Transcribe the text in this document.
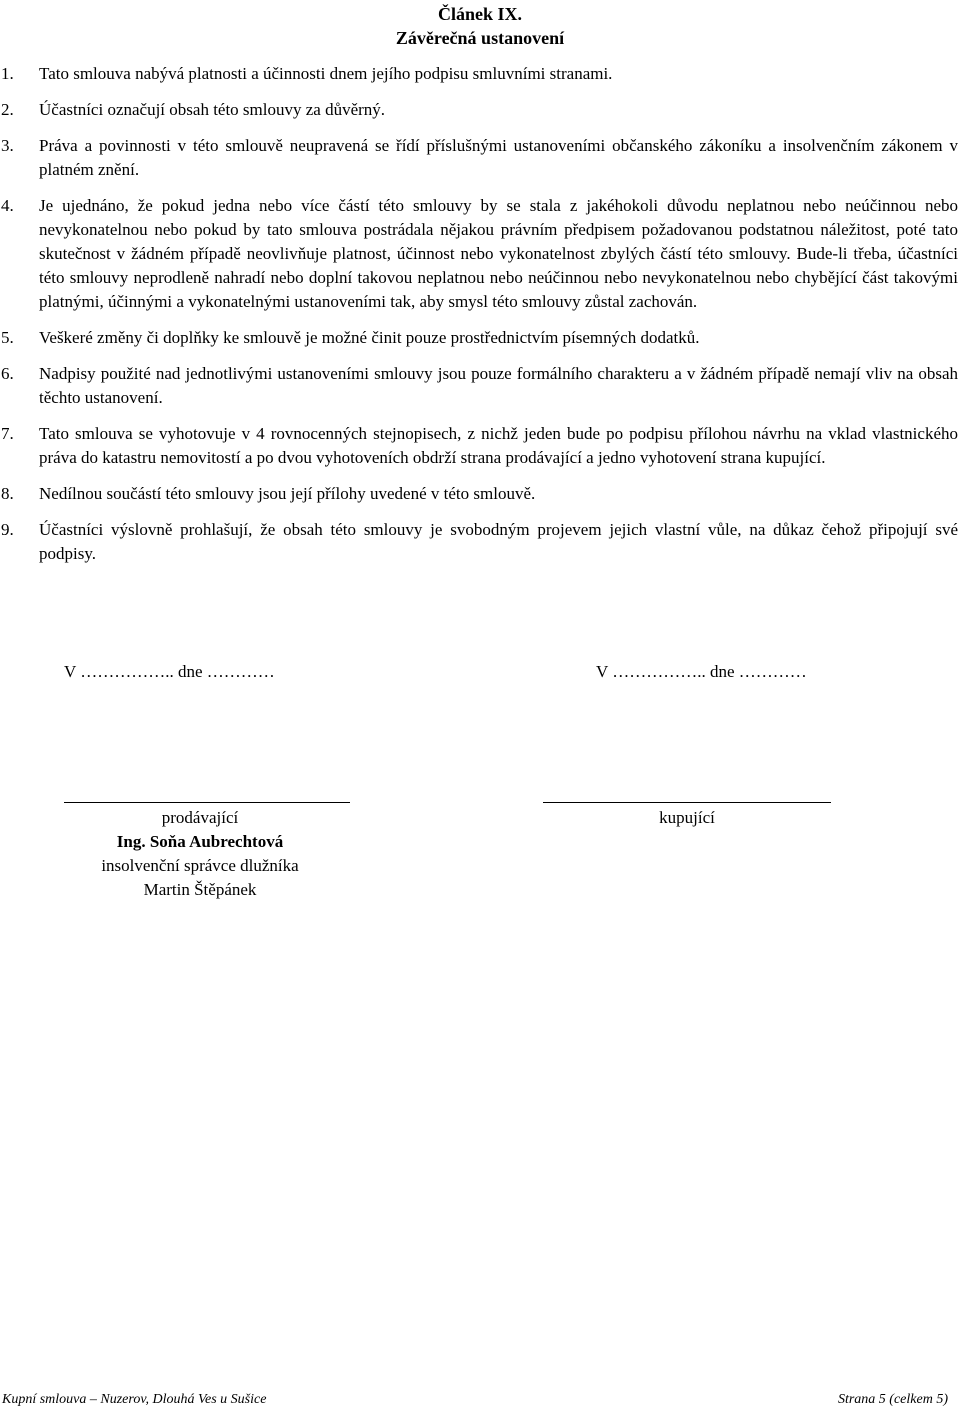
Článek IX.
Závěrečná ustanovení
1.	Tato smlouva nabývá platnosti a účinnosti dnem jejího podpisu smluvními stranami.
2.	Účastníci označují obsah této smlouvy za důvěrný.
3.	Práva a povinnosti v této smlouvě neupravená se řídí příslušnými ustanoveními občanského zákoníku a insolvenčním zákonem v platném znění.
4.	Je ujednáno, že pokud jedna nebo více částí této smlouvy by se stala z jakéhokoli důvodu neplatnou nebo neúčinnou nebo nevykonatelnou nebo pokud by tato smlouva postrádala nějakou právním předpisem požadovanou podstatnou náležitost, poté tato skutečnost v žádném případě neovlivňuje platnost, účinnost nebo vykonatelnost zbylých částí této smlouvy. Bude-li třeba, účastníci této smlouvy neprodleně nahradí nebo doplní takovou neplatnou nebo neúčinnou nebo nevykonatelnou nebo chybějící část takovými platnými, účinnými a vykonatelnými ustanoveními tak, aby smysl této smlouvy zůstal zachován.
5.	Veškeré změny či doplňky ke smlouvě je možné činit pouze prostřednictvím písemných dodatků.
6.	Nadpisy použité nad jednotlivými ustanoveními smlouvy jsou pouze formálního charakteru a v žádném případě nemají vliv na obsah těchto ustanovení.
7.	Tato smlouva se vyhotovuje v 4 rovnocenných stejnopisech, z nichž jeden bude po podpisu přílohou návrhu na vklad vlastnického práva do katastru nemovitostí a po dvou vyhotoveních obdrží strana prodávající a jedno vyhotovení strana kupující.
8.	Nedílnou součástí této smlouvy jsou její přílohy uvedené v této smlouvě.
9.	Účastníci výslovně prohlašují, že obsah této smlouvy je svobodným projevem jejich vlastní vůle, na důkaz čehož připojují své podpisy.
V …………….. dne …………	V …………….. dne …………
prodávající
Ing. Soňa Aubrechtová
insolvenční správce dlužníka
Martin Štěpánek
kupující
Kupní smlouva – Nuzerov, Dlouhá Ves u Sušice	Strana 5 (celkem 5)
